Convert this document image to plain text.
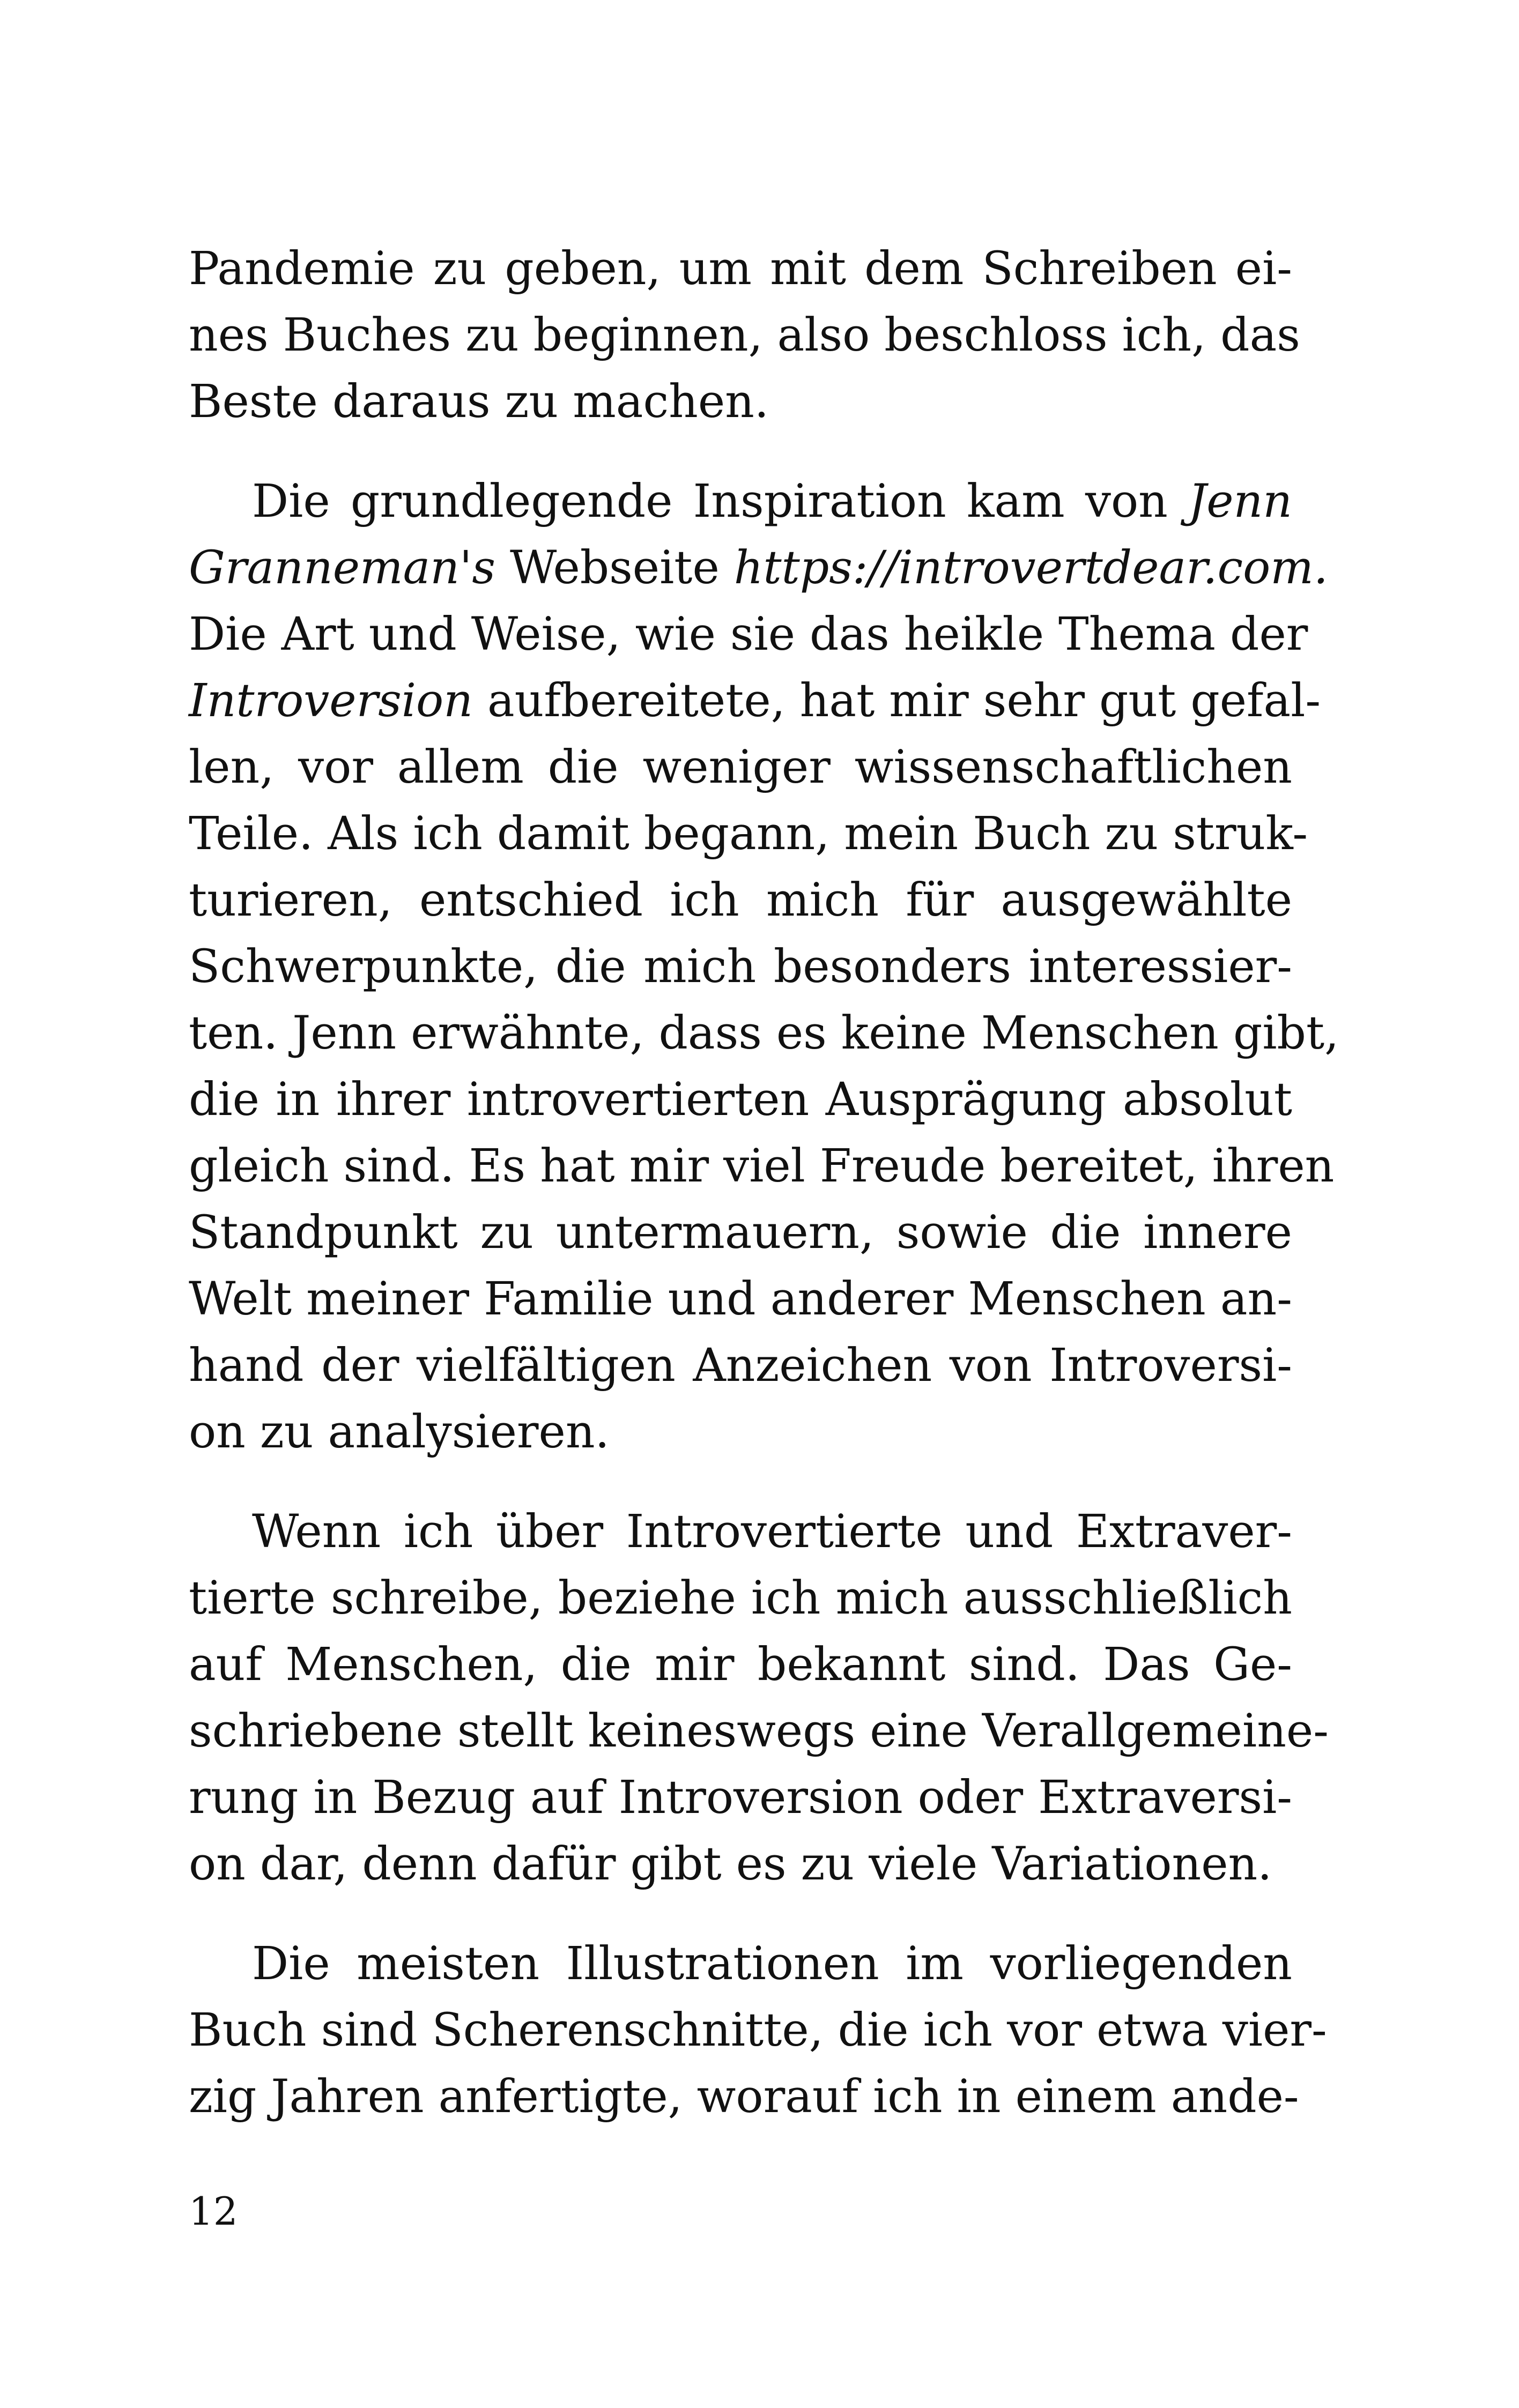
Pandemie zu geben, um mit dem Schreiben ei-
nes Buches zu beginnen, also beschloss ich, das
Beste daraus zu machen.
Die grundlegende Inspiration kam von Jenn
Granneman's Webseite https://introvertdear.com.
Die Art und Weise, wie sie das heikle Thema der
Introversion aufbereitete, hat mir sehr gut gefal-
len, vor allem die weniger wissenschaftlichen
Teile. Als ich damit begann, mein Buch zu struk-
turieren, entschied ich mich für ausgewählte
Schwerpunkte, die mich besonders interessier-
ten. Jenn erwähnte, dass es keine Menschen gibt,
die in ihrer introvertierten Ausprägung absolut
gleich sind. Es hat mir viel Freude bereitet, ihren
Standpunkt zu untermauern, sowie die innere
Welt meiner Familie und anderer Menschen an-
hand der vielfältigen Anzeichen von Introversi-
on zu analysieren.
Wenn ich über Introvertierte und Extraver-
tierte schreibe, beziehe ich mich ausschließlich
auf Menschen, die mir bekannt sind. Das Ge-
schriebene stellt keineswegs eine Verallgemeine-
rung in Bezug auf Introversion oder Extraversi-
on dar, denn dafür gibt es zu viele Variationen.
Die meisten Illustrationen im vorliegenden
Buch sind Scherenschnitte, die ich vor etwa vier-
zig Jahren anfertigte, worauf ich in einem ande-
12
